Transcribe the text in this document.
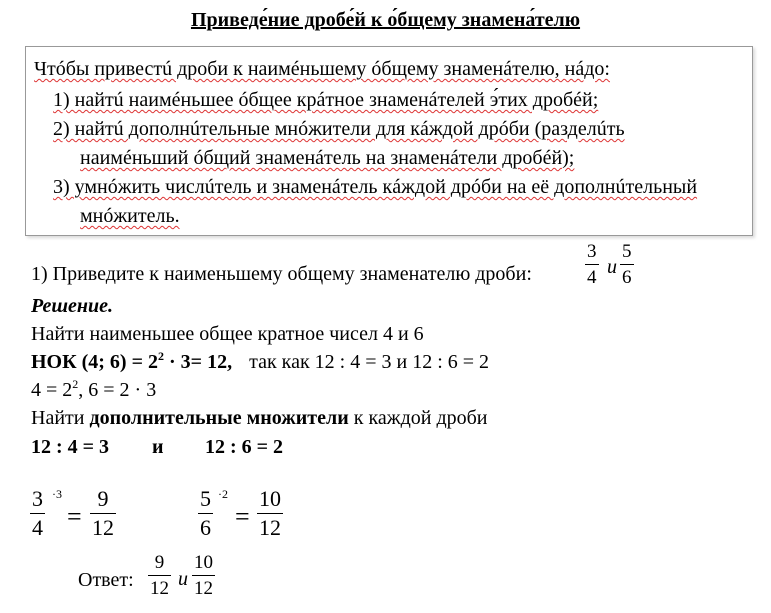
Приведе́ние дробе́й к о́бщему знамена́телю
Чтóбы привестú дроби к наимéньшему óбщему знаменáтелю, нáдо:
1) найтú наимéньшее óбщее крáтное знаменáтелей э́тих дробéй;
2) найтú дополнúтельные мнóжители для кáждой дрóби (разделúть
наимéньший óбщий знаменáтель на знаменáтели дробéй);
3) умнóжить числúтель и знаменáтель кáждой дрóби на её дополнúтельный
мнóжитель.
1) Приведите к наименьшему общему знаменателю дроби:
3
4 и
5
6
Решение.
Найти наименьшее общее кратное чисел 4 и 6
НОК (4; $6) = 2^2 \cdot 3= 12$, так как 12 : 4 = 3 и 12 : 6 = 2
$4 = 2^2$, 6 = 2 · 3
Найти дополнительные множители к каждой дроби
12 : 4 = 3 и 12 : 6 = 2
3
4
·3
=
9
12
5
6
·2
=
10
12
Ответ:
9
12 и
10
12
